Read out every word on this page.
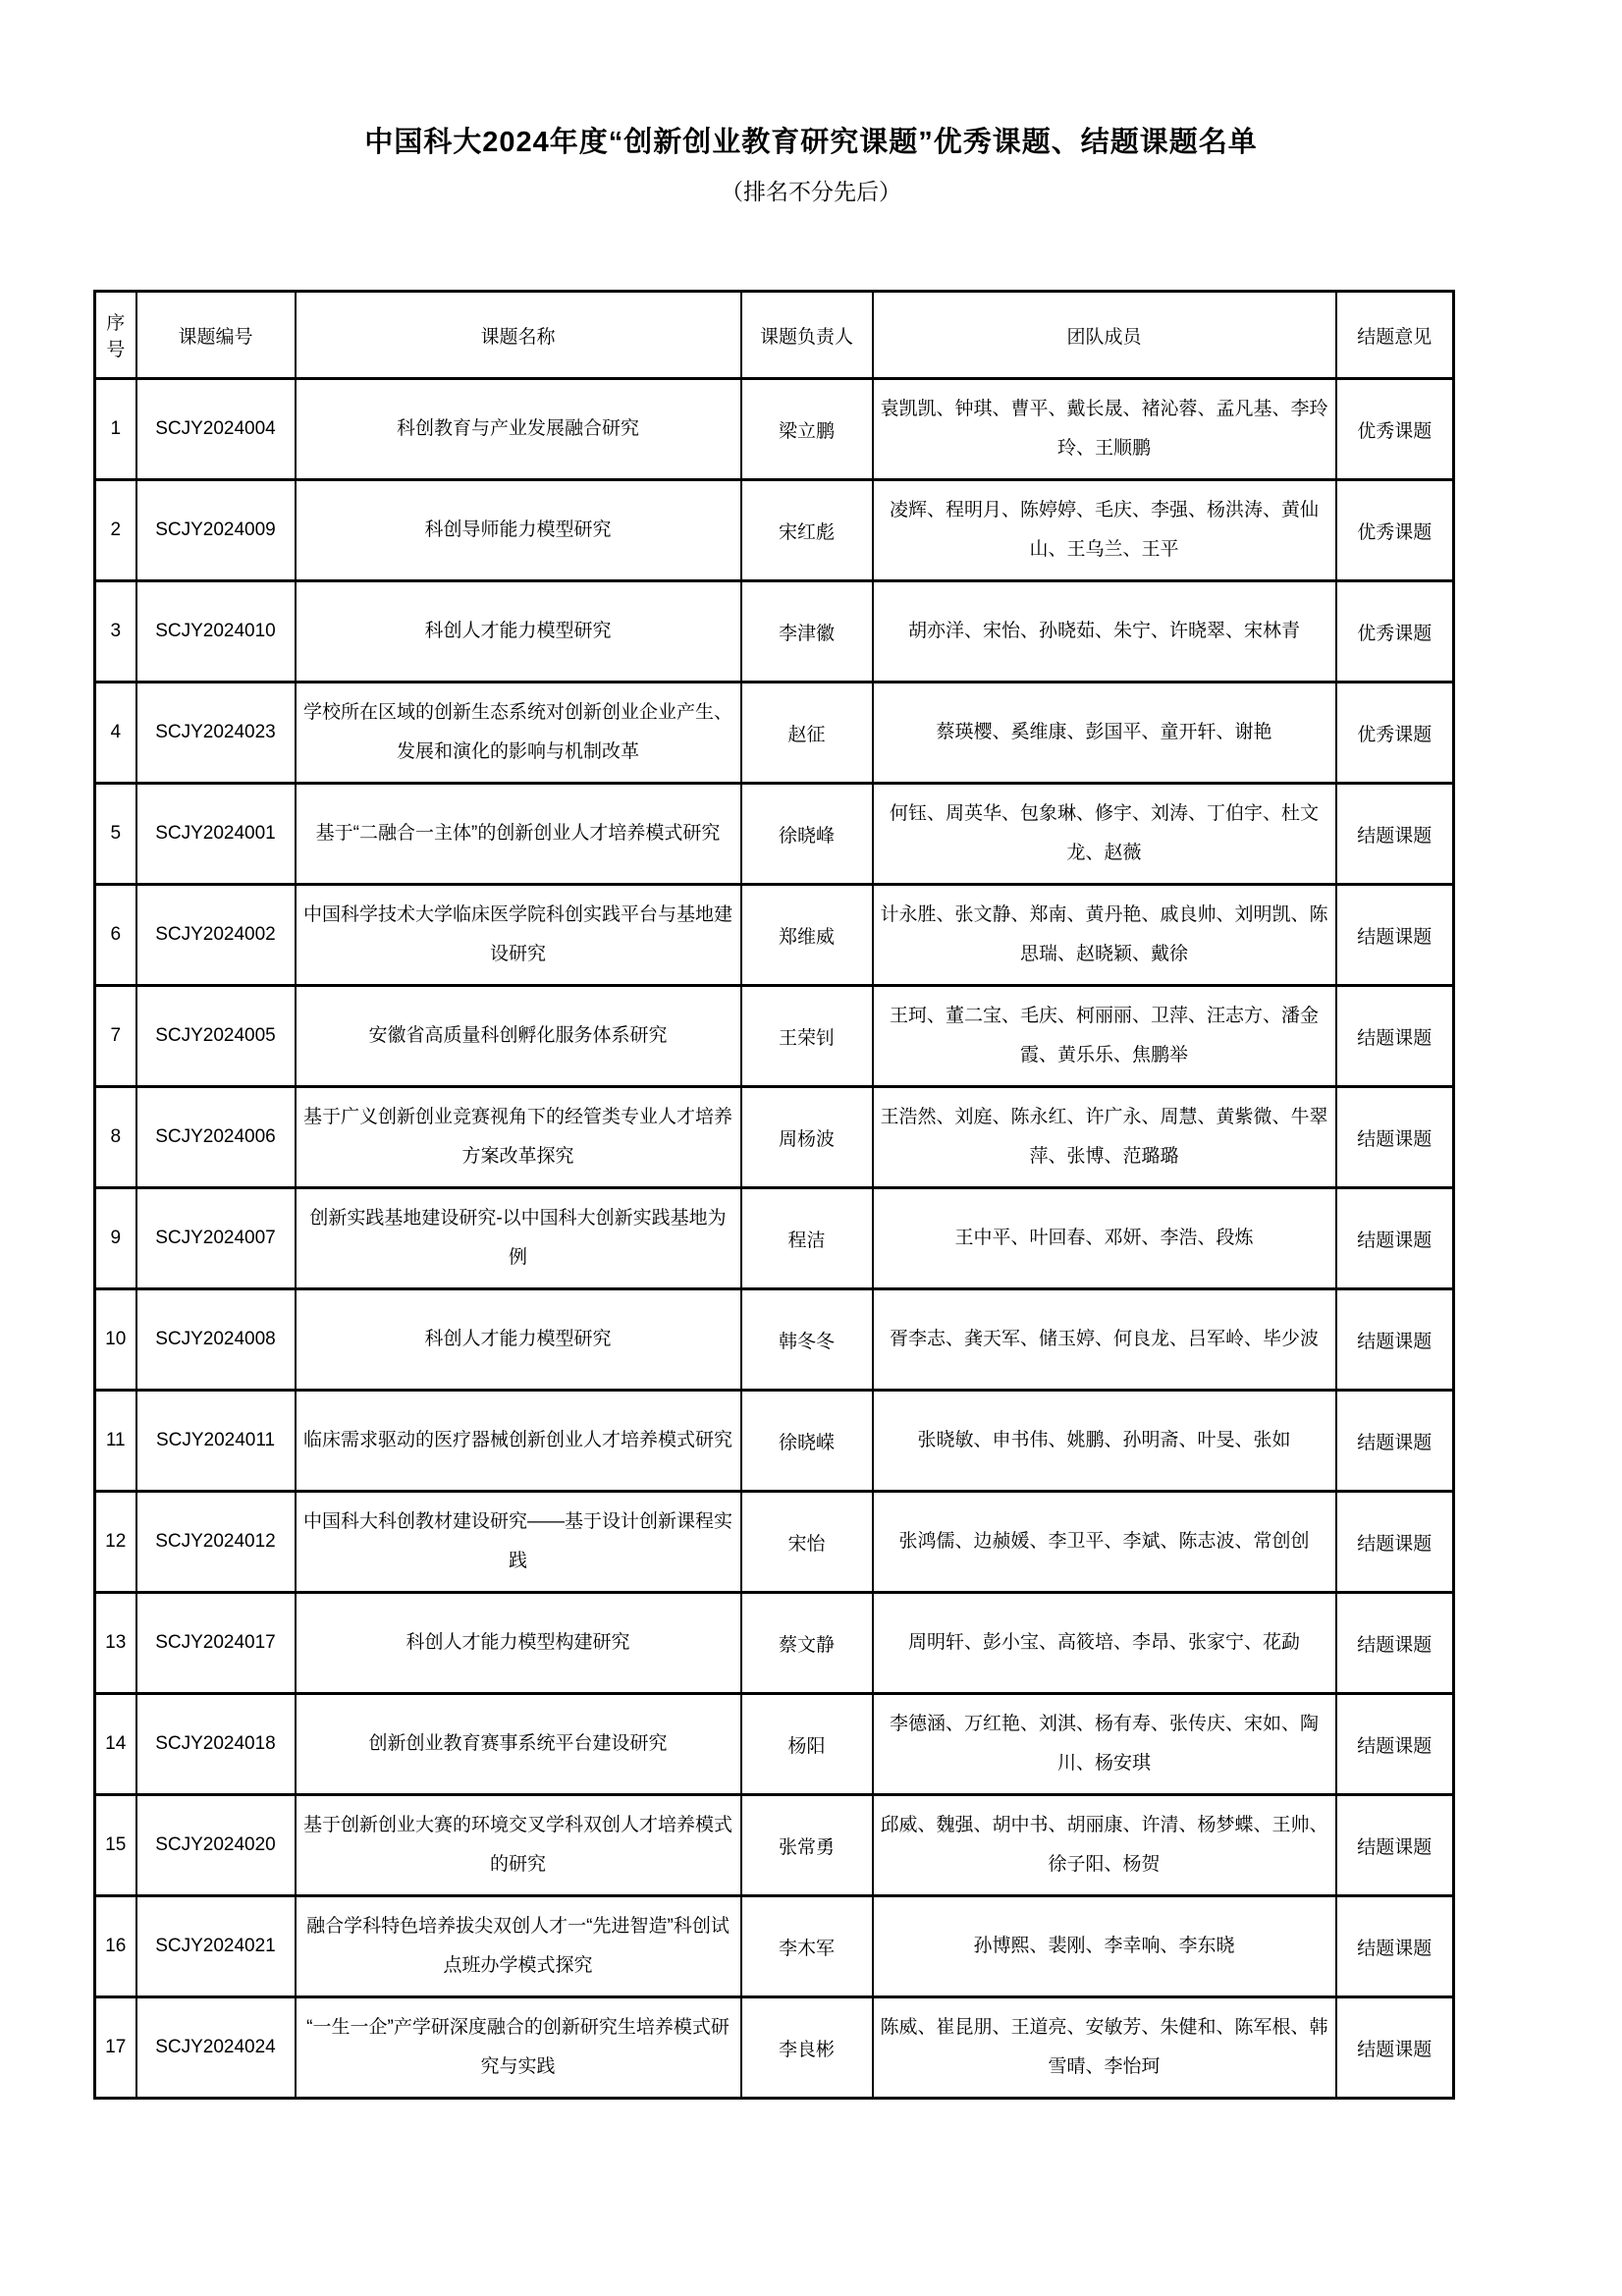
中国科大2024年度“创新创业教育研究课题”优秀课题、结题课题名单
（排名不分先后）
序号	课题编号	课题名称	课题负责人	团队成员	结题意见
1	SCJY2024004	科创教育与产业发展融合研究	梁立鹏	袁凯凯、钟琪、曹平、戴长晟、褚沁蓉、孟凡基、李玲玲、王顺鹏	优秀课题
2	SCJY2024009	科创导师能力模型研究	宋红彪	凌辉、程明月、陈婷婷、毛庆、李强、杨洪涛、黄仙山、王乌兰、王平	优秀课题
3	SCJY2024010	科创人才能力模型研究	李津徽	胡亦洋、宋怡、孙晓茹、朱宁、许晓翠、宋林青	优秀课题
4	SCJY2024023	学校所在区域的创新生态系统对创新创业企业产生、发展和演化的影响与机制改革	赵征	蔡瑛樱、奚维康、彭国平、童开轩、谢艳	优秀课题
5	SCJY2024001	基于“二融合一主体”的创新创业人才培养模式研究	徐晓峰	何钰、周英华、包象琳、修宇、刘涛、丁伯宇、杜文龙、赵薇	结题课题
6	SCJY2024002	中国科学技术大学临床医学院科创实践平台与基地建设研究	郑维威	计永胜、张文静、郑南、黄丹艳、戚良帅、刘明凯、陈思瑞、赵晓颖、戴徐	结题课题
7	SCJY2024005	安徽省高质量科创孵化服务体系研究	王荣钊	王珂、董二宝、毛庆、柯丽丽、卫萍、汪志方、潘金霞、黄乐乐、焦鹏举	结题课题
8	SCJY2024006	基于广义创新创业竞赛视角下的经管类专业人才培养方案改革探究	周杨波	王浩然、刘庭、陈永红、许广永、周慧、黄紫微、牛翠萍、张博、范璐璐	结题课题
9	SCJY2024007	创新实践基地建设研究-以中国科大创新实践基地为例	程洁	王中平、叶回春、邓妍、李浩、段炼	结题课题
10	SCJY2024008	科创人才能力模型研究	韩冬冬	胥李志、龚天军、储玉婷、何良龙、吕军岭、毕少波	结题课题
11	SCJY2024011	临床需求驱动的医疗器械创新创业人才培养模式研究	徐晓嵘	张晓敏、申书伟、姚鹏、孙明斋、叶旻、张如	结题课题
12	SCJY2024012	中国科大科创教材建设研究——基于设计创新课程实践	宋怡	张鸿儒、边赪媛、李卫平、李斌、陈志波、常创创	结题课题
13	SCJY2024017	科创人才能力模型构建研究	蔡文静	周明轩、彭小宝、高筱培、李昂、张家宁、花勐	结题课题
14	SCJY2024018	创新创业教育赛事系统平台建设研究	杨阳	李德涵、万红艳、刘淇、杨有寿、张传庆、宋如、陶川、杨安琪	结题课题
15	SCJY2024020	基于创新创业大赛的环境交叉学科双创人才培养模式的研究	张常勇	邱威、魏强、胡中书、胡丽康、许清、杨梦蝶、王帅、徐子阳、杨贺	结题课题
16	SCJY2024021	融合学科特色培养拔尖双创人才一“先进智造”科创试点班办学模式探究	李木军	孙博熙、裴刚、李幸响、李东晓	结题课题
17	SCJY2024024	“一生一企”产学研深度融合的创新研究生培养模式研究与实践	李良彬	陈威、崔昆朋、王道亮、安敏芳、朱健和、陈军根、韩雪晴、李怡珂	结题课题
